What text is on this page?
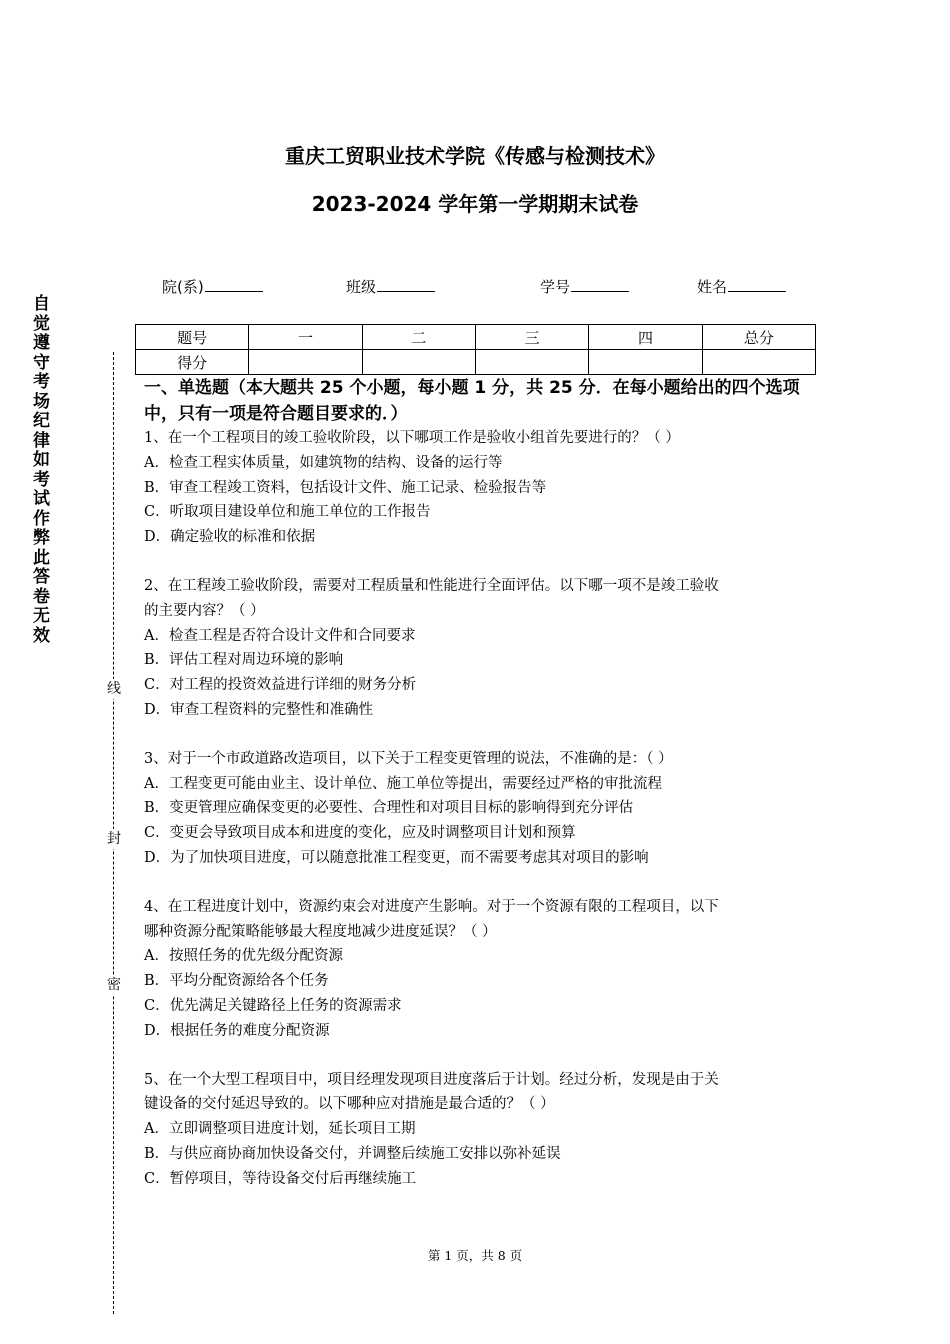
重庆工贸职业技术学院《传感与检测技术》
2023-2024 学年第一学期期末试卷
院(系)	班级	学号	姓名
自觉遵守考场纪律如考试作弊此答卷无效
线
封
密
题号	一	二	三	四	总分
得分					
一、单选题（本大题共 25 个小题，每小题 1 分，共 25 分．在每小题给出的四个选项中，只有一项是符合题目要求的．）
1、在一个工程项目的竣工验收阶段，以下哪项工作是验收小组首先要进行的？（ ）
A．检查工程实体质量，如建筑物的结构、设备的运行等
B．审查工程竣工资料，包括设计文件、施工记录、检验报告等
C．听取项目建设单位和施工单位的工作报告
D．确定验收的标准和依据
2、在工程竣工验收阶段，需要对工程质量和性能进行全面评估。以下哪一项不是竣工验收
的主要内容？（ ）
A．检查工程是否符合设计文件和合同要求
B．评估工程对周边环境的影响
C．对工程的投资效益进行详细的财务分析
D．审查工程资料的完整性和准确性
3、对于一个市政道路改造项目，以下关于工程变更管理的说法，不准确的是：（ ）
A．工程变更可能由业主、设计单位、施工单位等提出，需要经过严格的审批流程
B．变更管理应确保变更的必要性、合理性和对项目目标的影响得到充分评估
C．变更会导致项目成本和进度的变化，应及时调整项目计划和预算
D．为了加快项目进度，可以随意批准工程变更，而不需要考虑其对项目的影响
4、在工程进度计划中，资源约束会对进度产生影响。对于一个资源有限的工程项目，以下
哪种资源分配策略能够最大程度地减少进度延误？（ ）
A．按照任务的优先级分配资源
B．平均分配资源给各个任务
C．优先满足关键路径上任务的资源需求
D．根据任务的难度分配资源
5、在一个大型工程项目中，项目经理发现项目进度落后于计划。经过分析，发现是由于关
键设备的交付延迟导致的。以下哪种应对措施是最合适的？（ ）
A．立即调整项目进度计划，延长项目工期
B．与供应商协商加快设备交付，并调整后续施工安排以弥补延误
C．暂停项目，等待设备交付后再继续施工
第 1 页，共 8 页
